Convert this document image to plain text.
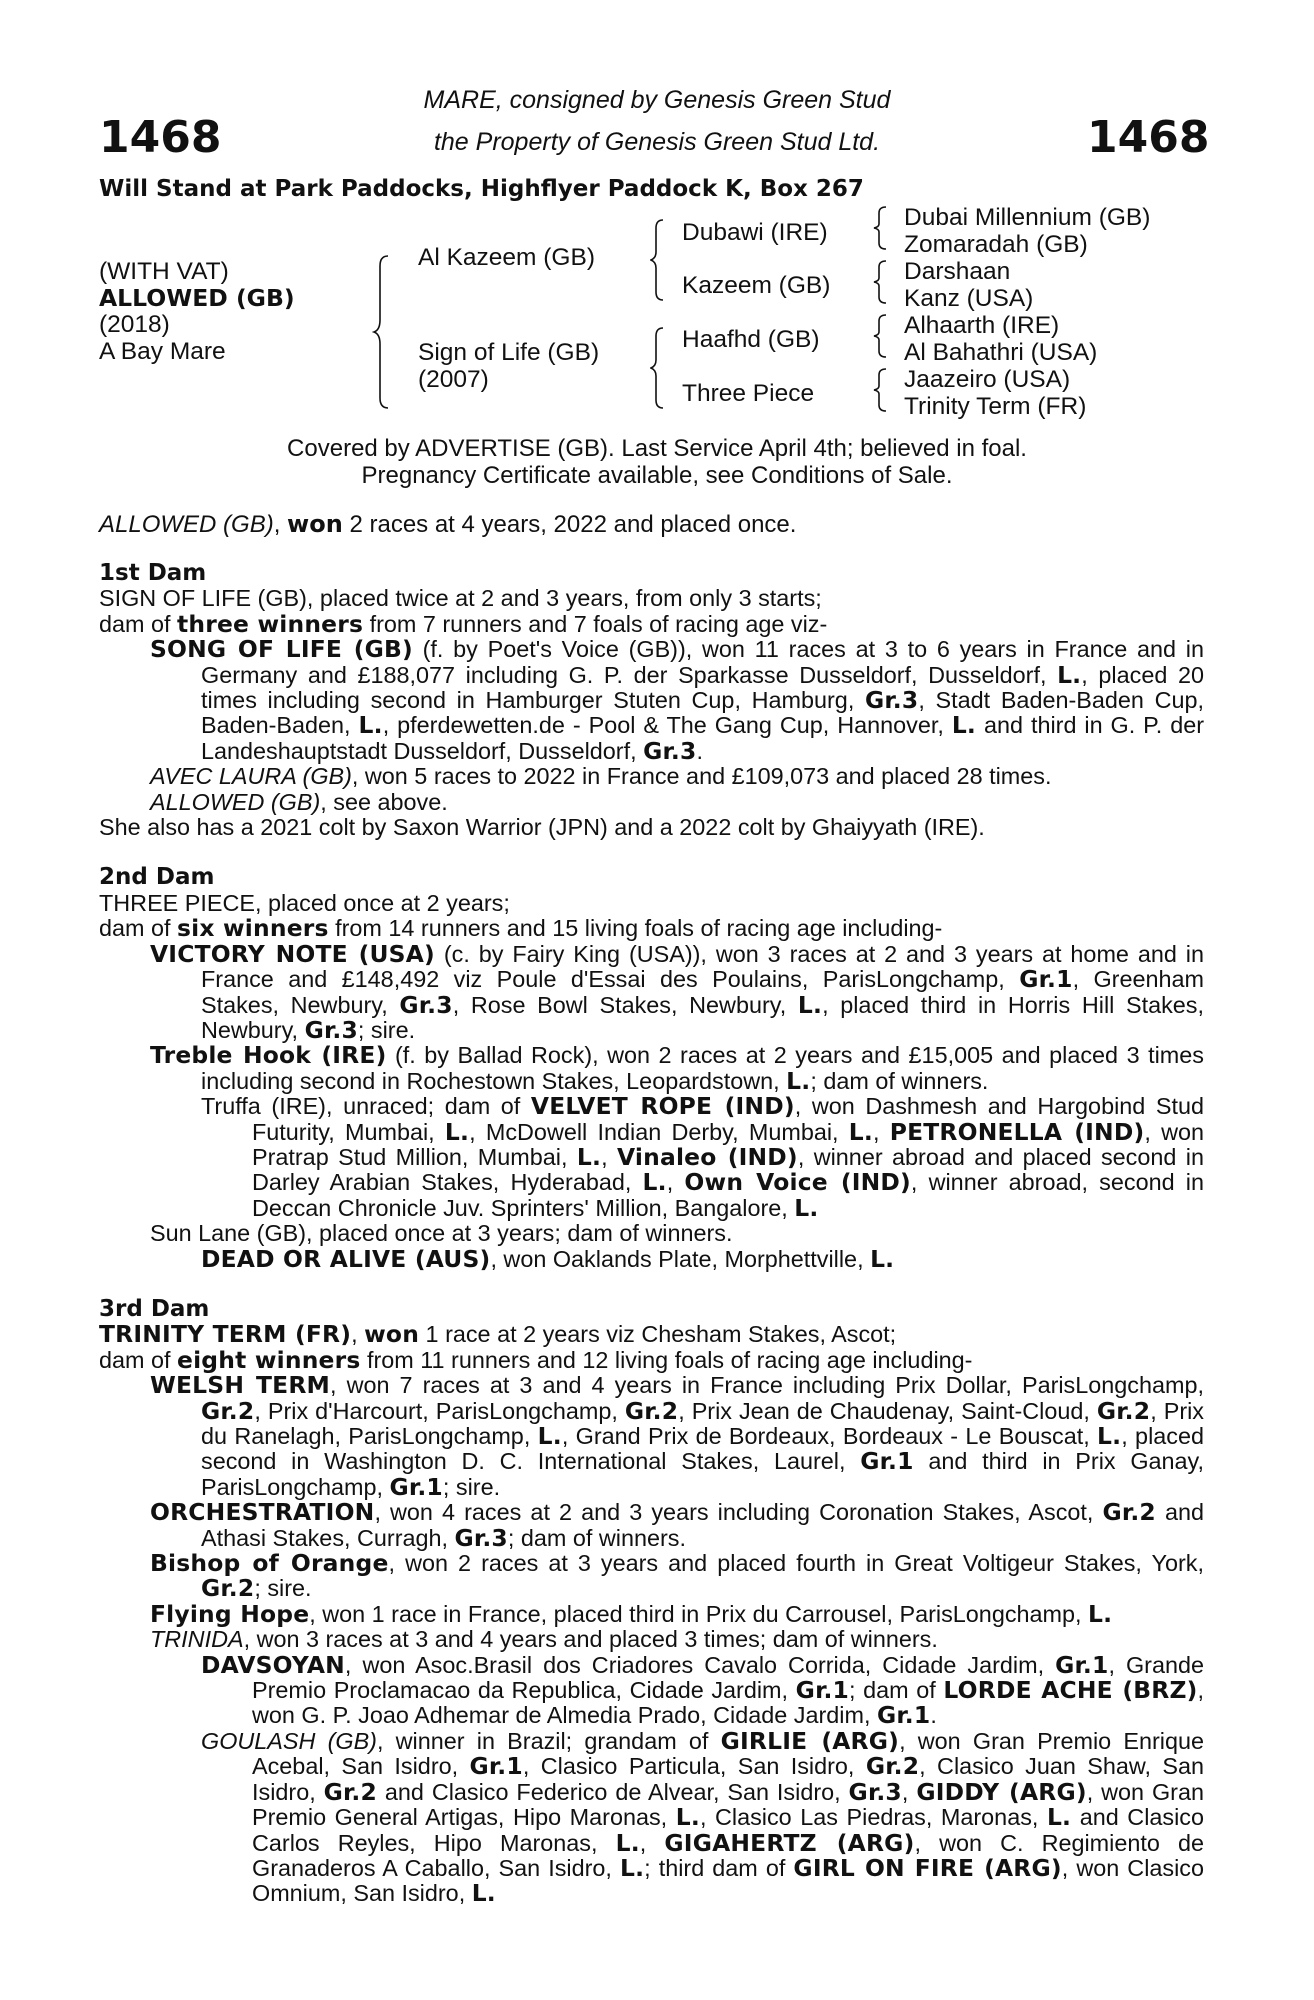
1468	1468
MARE, consigned by Genesis Green Stud
the Property of Genesis Green Stud Ltd.
Will Stand at Park Paddocks, Highflyer Paddock K, Box 267
(WITH VAT)
ALLOWED (GB)
(2018)
A Bay Mare
Al Kazeem (GB)
Sign of Life (GB)
(2007)
Dubawi (IRE)
Kazeem (GB)
Haafhd (GB)
Three Piece
Dubai Millennium (GB)
Zomaradah (GB)
Darshaan
Kanz (USA)
Alhaarth (IRE)
Al Bahathri (USA)
Jaazeiro (USA)
Trinity Term (FR)
Covered by ADVERTISE (GB). Last Service April 4th; believed in foal.
Pregnancy Certificate available, see Conditions of Sale.
ALLOWED (GB), won 2 races at 4 years, 2022 and placed once.

1st Dam

SIGN OF LIFE (GB), placed twice at 2 and 3 years, from only 3 starts;

dam of three winners from 7 runners and 7 foals of racing age viz-

SONG OF LIFE (GB) (f. by Poet's Voice (GB)), won 11 races at 3 to 6 years in France and in Germany and £188,077 including G. P. der Sparkasse Dusseldorf, Dusseldorf, L., placed 20 times including second in Hamburger Stuten Cup, Hamburg, Gr.3, Stadt Baden-Baden Cup, Baden-Baden, L., pferdewetten.de - Pool & The Gang Cup, Hannover, L. and third in G. P. der Landeshauptstadt Dusseldorf, Dusseldorf, Gr.3.

AVEC LAURA (GB), won 5 races to 2022 in France and £109,073 and placed 28 times.

ALLOWED (GB), see above.

She also has a 2021 colt by Saxon Warrior (JPN) and a 2022 colt by Ghaiyyath (IRE).

2nd Dam

THREE PIECE, placed once at 2 years;

dam of six winners from 14 runners and 15 living foals of racing age including-

VICTORY NOTE (USA) (c. by Fairy King (USA)), won 3 races at 2 and 3 years at home and in France and £148,492 viz Poule d'Essai des Poulains, ParisLongchamp, Gr.1, Greenham Stakes, Newbury, Gr.3, Rose Bowl Stakes, Newbury, L., placed third in Horris Hill Stakes, Newbury, Gr.3; sire.

Treble Hook (IRE) (f. by Ballad Rock), won 2 races at 2 years and £15,005 and placed 3 times including second in Rochestown Stakes, Leopardstown, L.; dam of winners.

Truffa (IRE), unraced; dam of VELVET ROPE (IND), won Dashmesh and Hargobind Stud Futurity, Mumbai, L., McDowell Indian Derby, Mumbai, L., PETRONELLA (IND), won Pratrap Stud Million, Mumbai, L., Vinaleo (IND), winner abroad and placed second in Darley Arabian Stakes, Hyderabad, L., Own Voice (IND), winner abroad, second in Deccan Chronicle Juv. Sprinters' Million, Bangalore, L.

Sun Lane (GB), placed once at 3 years; dam of winners.

DEAD OR ALIVE (AUS), won Oaklands Plate, Morphettville, L.

3rd Dam

TRINITY TERM (FR), won 1 race at 2 years viz Chesham Stakes, Ascot;

dam of eight winners from 11 runners and 12 living foals of racing age including-

WELSH TERM, won 7 races at 3 and 4 years in France including Prix Dollar, ParisLongchamp, Gr.2, Prix d'Harcourt, ParisLongchamp, Gr.2, Prix Jean de Chaudenay, Saint-Cloud, Gr.2, Prix du Ranelagh, ParisLongchamp, L., Grand Prix de Bordeaux, Bordeaux - Le Bouscat, L., placed second in Washington D. C. International Stakes, Laurel, Gr.1 and third in Prix Ganay, ParisLongchamp, Gr.1; sire.

ORCHESTRATION, won 4 races at 2 and 3 years including Coronation Stakes, Ascot, Gr.2 and Athasi Stakes, Curragh, Gr.3; dam of winners.

Bishop of Orange, won 2 races at 3 years and placed fourth in Great Voltigeur Stakes, York, Gr.2; sire.

Flying Hope, won 1 race in France, placed third in Prix du Carrousel, ParisLongchamp, L.

TRINIDA, won 3 races at 3 and 4 years and placed 3 times; dam of winners.

DAVSOYAN, won Asoc.Brasil dos Criadores Cavalo Corrida, Cidade Jardim, Gr.1, Grande Premio Proclamacao da Republica, Cidade Jardim, Gr.1; dam of LORDE ACHE (BRZ), won G. P. Joao Adhemar de Almedia Prado, Cidade Jardim, Gr.1.

GOULASH (GB), winner in Brazil; grandam of GIRLIE (ARG), won Gran Premio Enrique Acebal, San Isidro, Gr.1, Clasico Particula, San Isidro, Gr.2, Clasico Juan Shaw, San Isidro, Gr.2 and Clasico Federico de Alvear, San Isidro, Gr.3, GIDDY (ARG), won Gran Premio General Artigas, Hipo Maronas, L., Clasico Las Piedras, Maronas, L. and Clasico Carlos Reyles, Hipo Maronas, L., GIGAHERTZ (ARG), won C. Regimiento de Granaderos A Caballo, San Isidro, L.; third dam of GIRL ON FIRE (ARG), won Clasico Omnium, San Isidro, L.
